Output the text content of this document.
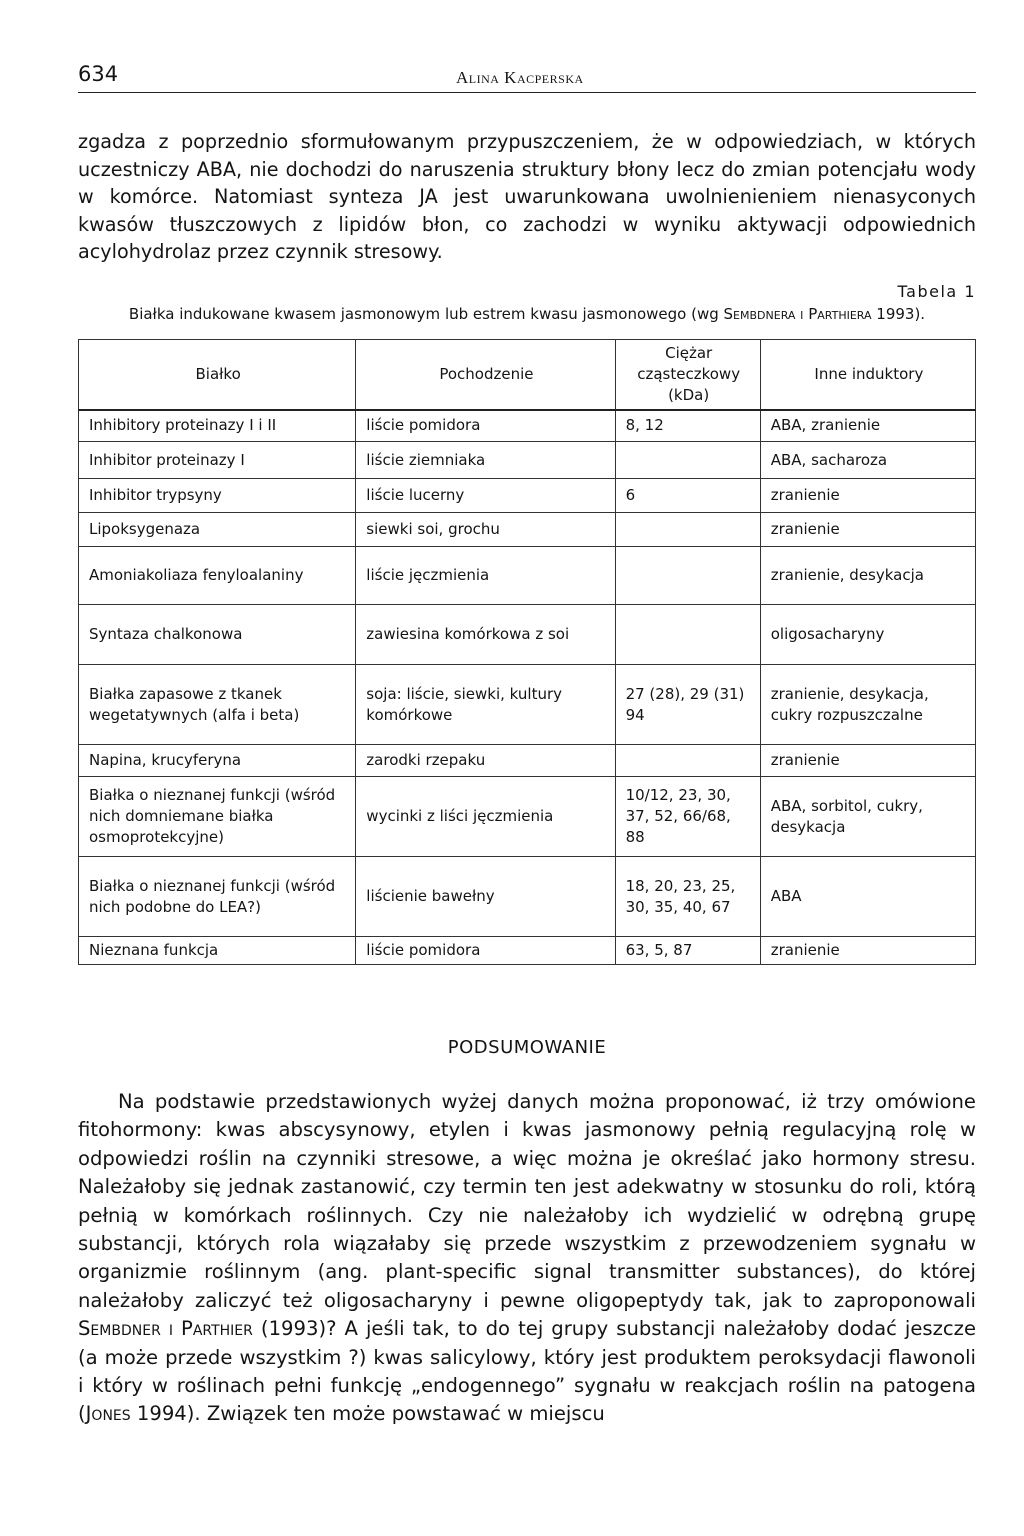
634	Alina Kacperska

zgadza z poprzednio sformułowanym przypuszczeniem, że w odpowiedziach, w których uczestniczy ABA, nie dochodzi do naruszenia struktury błony lecz do zmian potencjału wody w komórce. Natomiast synteza JA jest uwarunkowana uwolnienieniem nienasyconych kwasów tłuszczowych z lipidów błon, co zachodzi w wyniku aktywacji odpowiednich acylohydrolaz przez czynnik stresowy.

Tabela 1
Białka indukowane kwasem jasmonowym lub estrem kwasu jasmonowego (wg Sembdnera i Parthiera 1993).
Białko	Pochodzenie	Ciężar cząsteczkowy (kDa)	Inne induktory
Inhibitory proteinazy I i II	liście pomidora	8, 12	ABA, zranienie
Inhibitor proteinazy I	liście ziemniaka		ABA, sacharoza
Inhibitor trypsyny	liście lucerny	6	zranienie
Lipoksygenaza	siewki soi, grochu		zranienie
Amoniakoliaza fenyloalaniny	liście jęczmienia		zranienie, desykacja
Syntaza chalkonowa	zawiesina komórkowa z soi		oligosacharyny
Białka zapasowe z tkanek wegetatywnych (alfa i beta)	soja: liście, siewki, kultury komórkowe	27 (28), 29 (31) 94	zranienie, desykacja, cukry rozpuszczalne
Napina, krucyferyna	zarodki rzepaku		zranienie
Białka o nieznanej funkcji (wśród nich domniemane białka osmoprotekcyjne)	wycinki z liści jęczmienia	10/12, 23, 30, 37, 52, 66/68, 88	ABA, sorbitol, cukry, desykacja
Białka o nieznanej funkcji (wśród nich podobne do LEA?)	liścienie bawełny	18, 20, 23, 25, 30, 35, 40, 67	ABA
Nieznana funkcja	liście pomidora	63, 5, 87	zranienie
PODSUMOWANIE

Na podstawie przedstawionych wyżej danych można proponować, iż trzy omówione fitohormony: kwas abscysynowy, etylen i kwas jasmonowy pełnią regulacyjną rolę w odpowiedzi roślin na czynniki stresowe, a więc można je określać jako hormony stresu. Należałoby się jednak zastanowić, czy termin ten jest adekwatny w stosunku do roli, którą pełnią w komórkach roślinnych. Czy nie należałoby ich wydzielić w odrębną grupę substancji, których rola wiązałaby się przede wszystkim z przewodzeniem sygnału w organizmie roślinnym (ang. plant-specific signal transmitter substances), do której należałoby zaliczyć też oligosacharyny i pewne oligopeptydy tak, jak to zaproponowali Sembdner i Parthier (1993)? A jeśli tak, to do tej grupy substancji należałoby dodać jeszcze (a może przede wszystkim ?) kwas salicylowy, który jest produktem peroksydacji flawonoli i który w roślinach pełni funkcję „endogennego” sygnału w reakcjach roślin na patogena (Jones 1994). Związek ten może powstawać w miejscu
